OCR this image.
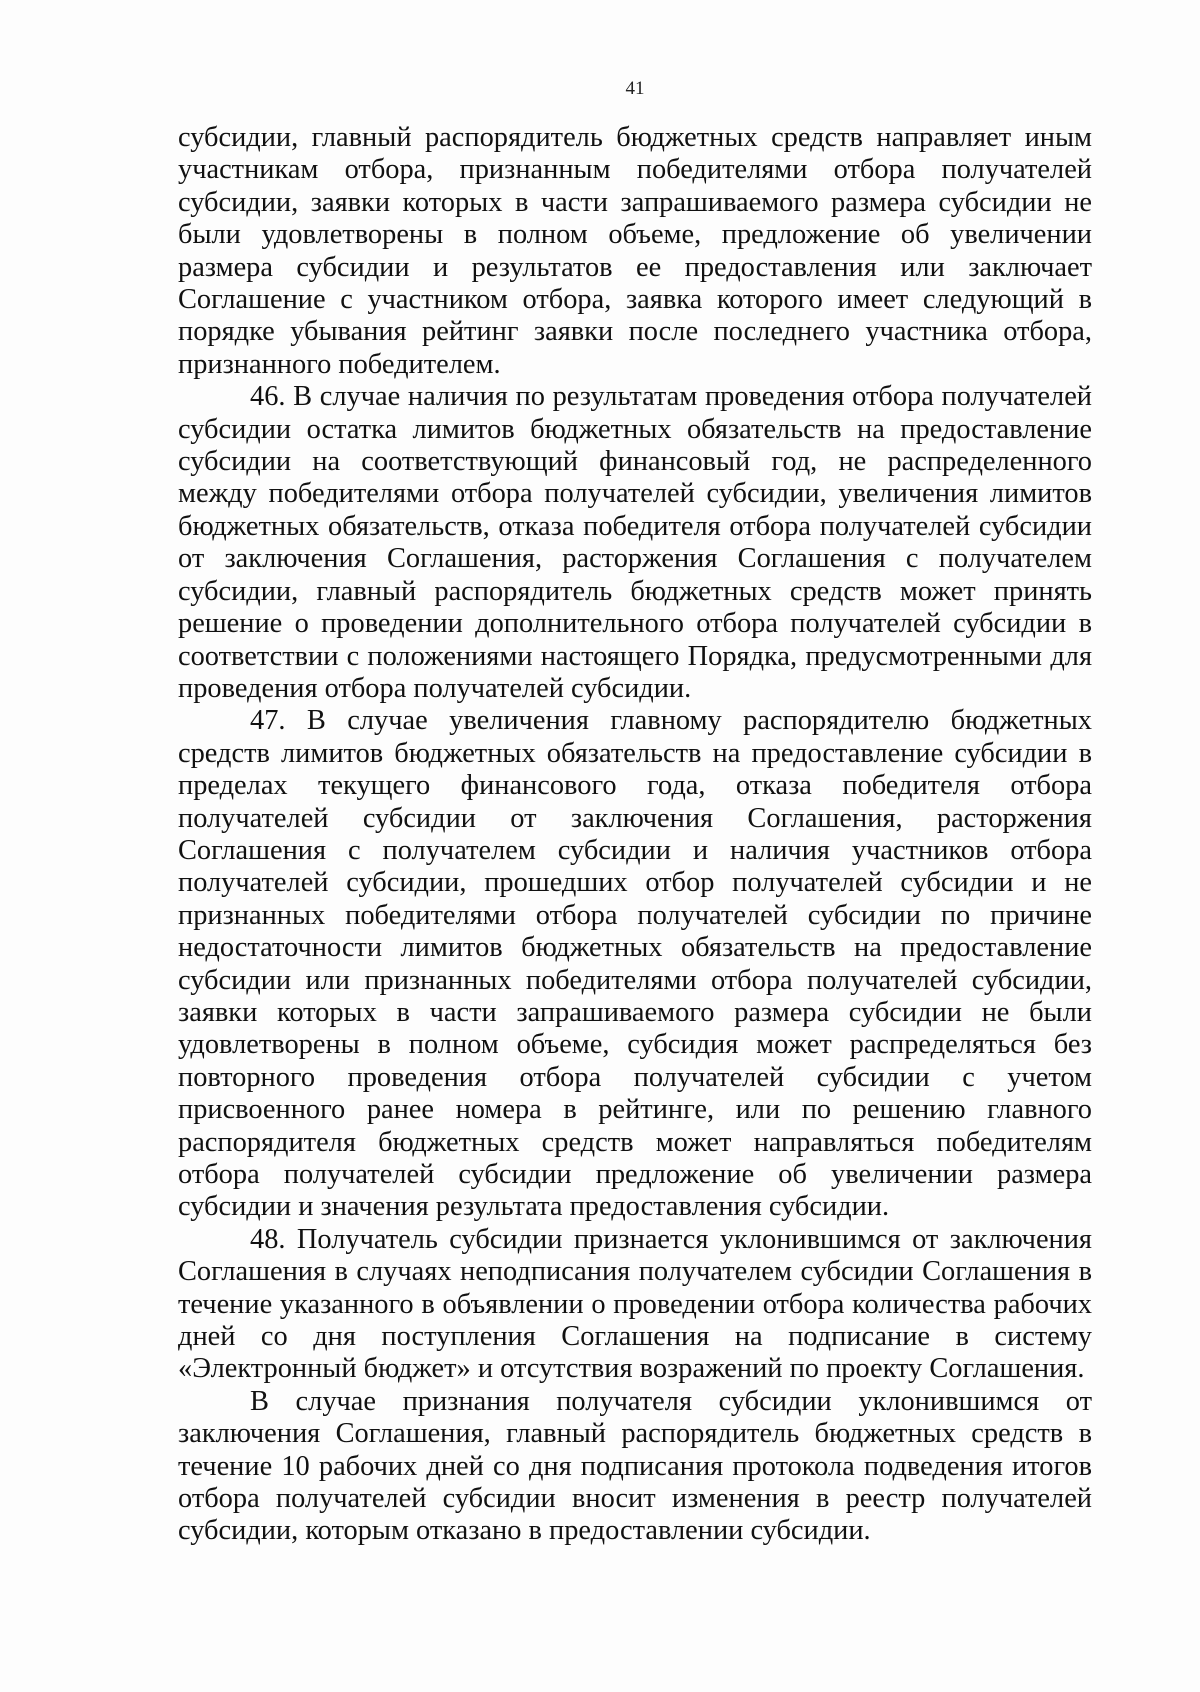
41

субсидии, главный распорядитель бюджетных средств направляет иным участникам отбора, признанным победителями отбора получателей субсидии, заявки которых в части запрашиваемого размера субсидии не были удовлетворены в полном объеме, предложение об увеличении размера субсидии и результатов ее предоставления или заключает Соглашение с участником отбора, заявка которого имеет следующий в порядке убывания рейтинг заявки после последнего участника отбора, признанного победителем.

46. В случае наличия по результатам проведения отбора получателей субсидии остатка лимитов бюджетных обязательств на предоставление субсидии на соответствующий финансовый год, не распределенного между победителями отбора получателей субсидии, увеличения лимитов бюджетных обязательств, отказа победителя отбора получателей субсидии от заключения Соглашения, расторжения Соглашения с получателем субсидии, главный распорядитель бюджетных средств может принять решение о проведении дополнительного отбора получателей субсидии в соответствии с положениями настоящего Порядка, предусмотренными для проведения отбора получателей субсидии.

47. В случае увеличения главному распорядителю бюджетных средств лимитов бюджетных обязательств на предоставление субсидии в пределах текущего финансового года, отказа победителя отбора получателей субсидии от заключения Соглашения, расторжения Соглашения с получателем субсидии и наличия участников отбора получателей субсидии, прошедших отбор получателей субсидии и не признанных победителями отбора получателей субсидии по причине недостаточности лимитов бюджетных обязательств на предоставление субсидии или признанных победителями отбора получателей субсидии, заявки которых в части запрашиваемого размера субсидии не были удовлетворены в полном объеме, субсидия может распределяться без повторного проведения отбора получателей субсидии с учетом присвоенного ранее номера в рейтинге, или по решению главного распорядителя бюджетных средств может направляться победителям отбора получателей субсидии предложение об увеличении размера субсидии и значения результата предоставления субсидии.

48. Получатель субсидии признается уклонившимся от заключения Соглашения в случаях неподписания получателем субсидии Соглашения в течение указанного в объявлении о проведении отбора количества рабочих дней со дня поступления Соглашения на подписание в систему «Электронный бюджет» и отсутствия возражений по проекту Соглашения.

В случае признания получателя субсидии уклонившимся от заключения Соглашения, главный распорядитель бюджетных средств в течение 10 рабочих дней со дня подписания протокола подведения итогов отбора получателей субсидии вносит изменения в реестр получателей субсидии, которым отказано в предоставлении субсидии.
